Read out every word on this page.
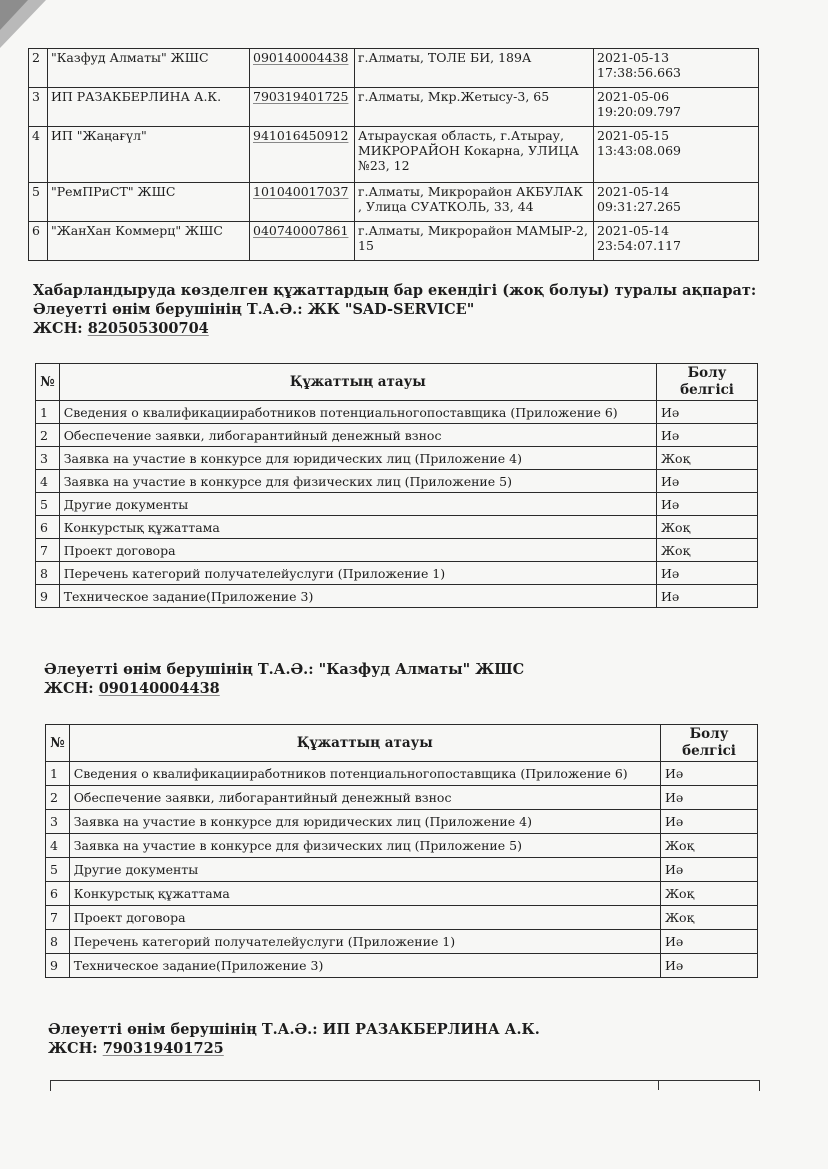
2	"Казфуд Алматы" ЖШС	090140004438	г.Алматы, ТОЛЕ БИ, 189А	2021-05-13
17:38:56.663

3	ИП РАЗАКБЕРЛИНА А.К.	790319401725	г.Алматы, Мкр.Жетысу-3, 65	2021-05-06
19:20:09.797

4	ИП "Жаңағүл"	941016450912	Атырауская область, г.Атырау, МИКРОРАЙОН Кокарна, УЛИЦА №23, 12	2021-05-15
13:43:08.069

5	"РемПРиСТ" ЖШС	101040017037	г.Алматы, Микрорайон АКБУЛАК , Улица СУАТКОЛЬ, 33, 44	2021-05-14
09:31:27.265

6	"ЖанХан Коммерц" ЖШС	040740007861	г.Алматы, Микрорайон МАМЫР-2, 15	2021-05-14
23:54:07.117
Хабарландыруда көзделген құжаттардың бар екендігі (жоқ болуы) туралы ақпарат:
Әлеуетті өнім берушінің Т.А.Ә.: ЖК "SAD-SERVICE"
ЖСН: 820505300704
№	Құжаттың атауы	Болу белгісі
1	Сведения о квалификацииработников потенциальногопоставщика (Приложение 6)	Иә
2	Обеспечение заявки, либогарантийный денежный взнос	Иә
3	Заявка на участие в конкурсе для юридических лиц (Приложение 4)	Жоқ
4	Заявка на участие в конкурсе для физических лиц (Приложение 5)	Иә
5	Другие документы	Иә
6	Конкурстық құжаттама	Жоқ
7	Проект договора	Жоқ
8	Перечень категорий получателейуслуги (Приложение 1)	Иә
9	Техническое задание(Приложение 3)	Иә
Әлеуетті өнім берушінің Т.А.Ә.: "Казфуд Алматы" ЖШС
ЖСН: 090140004438
№	Құжаттың атауы	Болу белгісі
1	Сведения о квалификацииработников потенциальногопоставщика (Приложение 6)	Иә
2	Обеспечение заявки, либогарантийный денежный взнос	Иә
3	Заявка на участие в конкурсе для юридических лиц (Приложение 4)	Иә
4	Заявка на участие в конкурсе для физических лиц (Приложение 5)	Жоқ
5	Другие документы	Иә
6	Конкурстық құжаттама	Жоқ
7	Проект договора	Жоқ
8	Перечень категорий получателейуслуги (Приложение 1)	Иә
9	Техническое задание(Приложение 3)	Иә
Әлеуетті өнім берушінің Т.А.Ә.: ИП РАЗАКБЕРЛИНА А.К.
ЖСН: 790319401725
